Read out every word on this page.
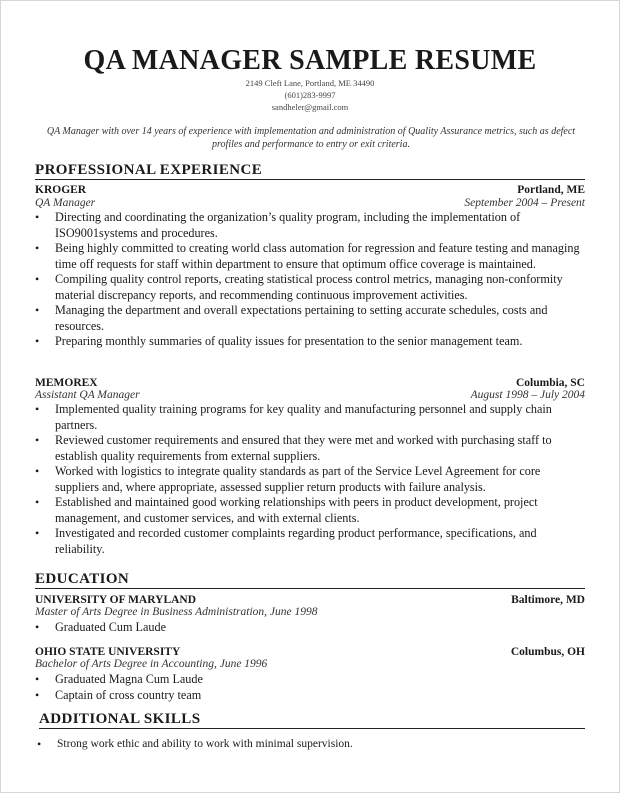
QA MANAGER SAMPLE RESUME
2149 Cleft Lane, Portland, ME 34490
(601)283-9997
sandheler@gmail.com
QA Manager with over 14 years of experience with implementation and administration of Quality Assurance metrics, such as defect profiles and performance to entry or exit criteria.
PROFESSIONAL EXPERIENCE
KROGER	Portland, ME
QA Manager	September 2004 – Present
• Directing and coordinating the organization’s quality program, including the implementation of ISO9001systems and procedures.
• Being highly committed to creating world class automation for regression and feature testing and managing time off requests for staff within department to ensure that optimum office coverage is maintained.
• Compiling quality control reports, creating statistical process control metrics, managing non-conformity material discrepancy reports, and recommending continuous improvement activities.
• Managing the department and overall expectations pertaining to setting accurate schedules, costs and resources.
• Preparing monthly summaries of quality issues for presentation to the senior management team.
MEMOREX	Columbia, SC
Assistant QA Manager	August 1998 – July 2004
• Implemented quality training programs for key quality and manufacturing personnel and supply chain partners.
• Reviewed customer requirements and ensured that they were met and worked with purchasing staff to establish quality requirements from external suppliers.
• Worked with logistics to integrate quality standards as part of the Service Level Agreement for core suppliers and, where appropriate, assessed supplier return products with failure analysis.
• Established and maintained good working relationships with peers in product development, project management, and customer services, and with external clients.
• Investigated and recorded customer complaints regarding product performance, specifications, and reliability.
EDUCATION
UNIVERSITY OF MARYLAND	Baltimore, MD
Master of Arts Degree in Business Administration, June 1998
• Graduated Cum Laude
OHIO STATE UNIVERSITY	Columbus, OH
Bachelor of Arts Degree in Accounting, June 1996
• Graduated Magna Cum Laude
• Captain of cross country team
ADDITIONAL SKILLS
• Strong work ethic and ability to work with minimal supervision.
